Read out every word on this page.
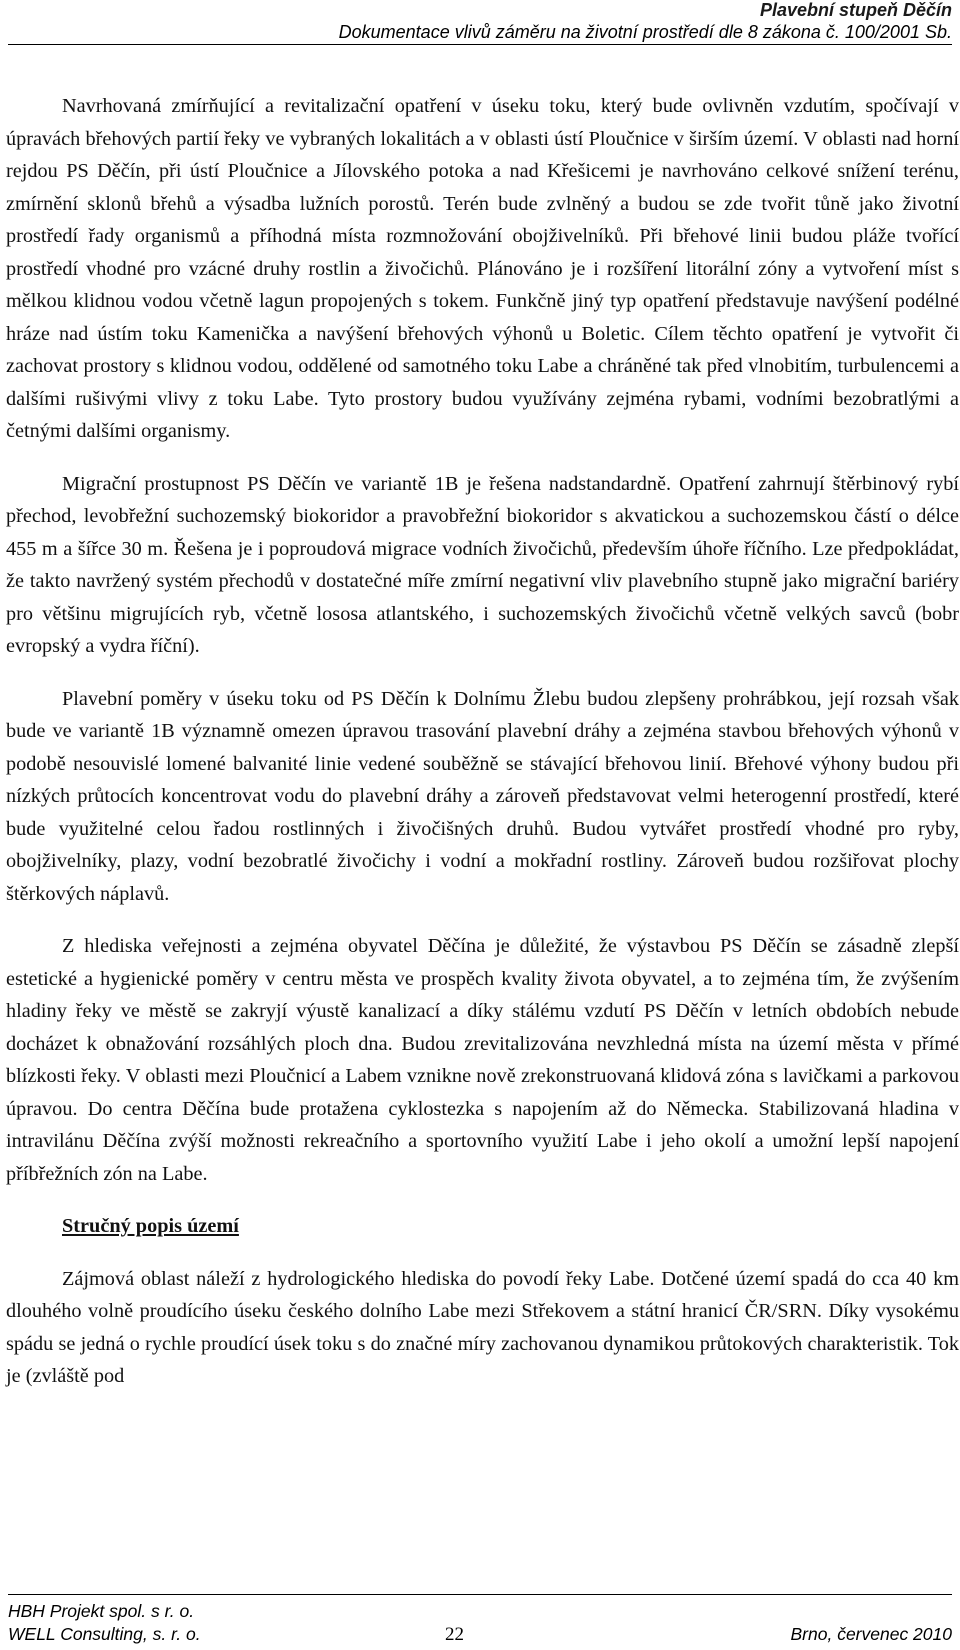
Plavební stupeň Děčín
Dokumentace vlivů záměru na životní prostředí dle 8 zákona č. 100/2001 Sb.

Navrhovaná zmírňující a revitalizační opatření v úseku toku, který bude ovlivněn vzdutím, spočívají v úpravách břehových partií řeky ve vybraných lokalitách a v oblasti ústí Ploučnice v širším území. V oblasti nad horní rejdou PS Děčín, při ústí Ploučnice a Jílovského potoka a nad Křešicemi je navrhováno celkové snížení terénu, zmírnění sklonů břehů a výsadba lužních porostů. Terén bude zvlněný a budou se zde tvořit tůně jako životní prostředí řady organismů a příhodná místa rozmnožování obojživelníků. Při břehové linii budou pláže tvořící prostředí vhodné pro vzácné druhy rostlin a živočichů. Plánováno je i rozšíření litorální zóny a vytvoření míst s mělkou klidnou vodou včetně lagun propojených s tokem. Funkčně jiný typ opatření představuje navýšení podélné hráze nad ústím toku Kamenička a navýšení břehových výhonů u Boletic. Cílem těchto opatření je vytvořit či zachovat prostory s klidnou vodou, oddělené od samotného toku Labe a chráněné tak před vlnobitím, turbulencemi a dalšími rušivými vlivy z toku Labe. Tyto prostory budou využívány zejména rybami, vodními bezobratlými a četnými dalšími organismy.

Migrační prostupnost PS Děčín ve variantě 1B je řešena nadstandardně. Opatření zahrnují štěrbinový rybí přechod, levobřežní suchozemský biokoridor a pravobřežní biokoridor s akvatickou a suchozemskou částí o délce 455 m a šířce 30 m. Řešena je i poproudová migrace vodních živočichů, především úhoře říčního. Lze předpokládat, že takto navržený systém přechodů v dostatečné míře zmírní negativní vliv plavebního stupně jako migrační bariéry pro většinu migrujících ryb, včetně lososa atlantského, i suchozemských živočichů včetně velkých savců (bobr evropský a vydra říční).

Plavební poměry v úseku toku od PS Děčín k Dolnímu Žlebu budou zlepšeny prohrábkou, její rozsah však bude ve variantě 1B významně omezen úpravou trasování plavební dráhy a zejména stavbou břehových výhonů v podobě nesouvislé lomené balvanité linie vedené souběžně se stávající břehovou linií. Břehové výhony budou při nízkých průtocích koncentrovat vodu do plavební dráhy a zároveň představovat velmi heterogenní prostředí, které bude využitelné celou řadou rostlinných i živočišných druhů. Budou vytvářet prostředí vhodné pro ryby, obojživelníky, plazy, vodní bezobratlé živočichy i vodní a mokřadní rostliny. Zároveň budou rozšiřovat plochy štěrkových náplavů.

Z hlediska veřejnosti a zejména obyvatel Děčína je důležité, že výstavbou PS Děčín se zásadně zlepší estetické a hygienické poměry v centru města ve prospěch kvality života obyvatel, a to zejména tím, že zvýšením hladiny řeky ve městě se zakryjí výustě kanalizací a díky stálému vzdutí PS Děčín v letních obdobích nebude docházet k obnažování rozsáhlých ploch dna. Budou zrevitalizována nevzhledná místa na území města v přímé blízkosti řeky. V oblasti mezi Ploučnicí a Labem vznikne nově zrekonstruovaná klidová zóna s lavičkami a parkovou úpravou. Do centra Děčína bude protažena cyklostezka s napojením až do Německa. Stabilizovaná hladina v intravilánu Děčína zvýší možnosti rekreačního a sportovního využití Labe i jeho okolí a umožní lepší napojení příbřežních zón na Labe.

Stručný popis území

Zájmová oblast náleží z hydrologického hlediska do povodí řeky Labe. Dotčené území spadá do cca 40 km dlouhého volně proudícího úseku českého dolního Labe mezi Střekovem a státní hranicí ČR/SRN. Díky vysokému spádu se jedná o rychle proudící úsek toku s do značné míry zachovanou dynamikou průtokových charakteristik. Tok je (zvláště pod

HBH Projekt spol. s r. o.
WELL Consulting, s. r. o.	22	Brno, červenec 2010
